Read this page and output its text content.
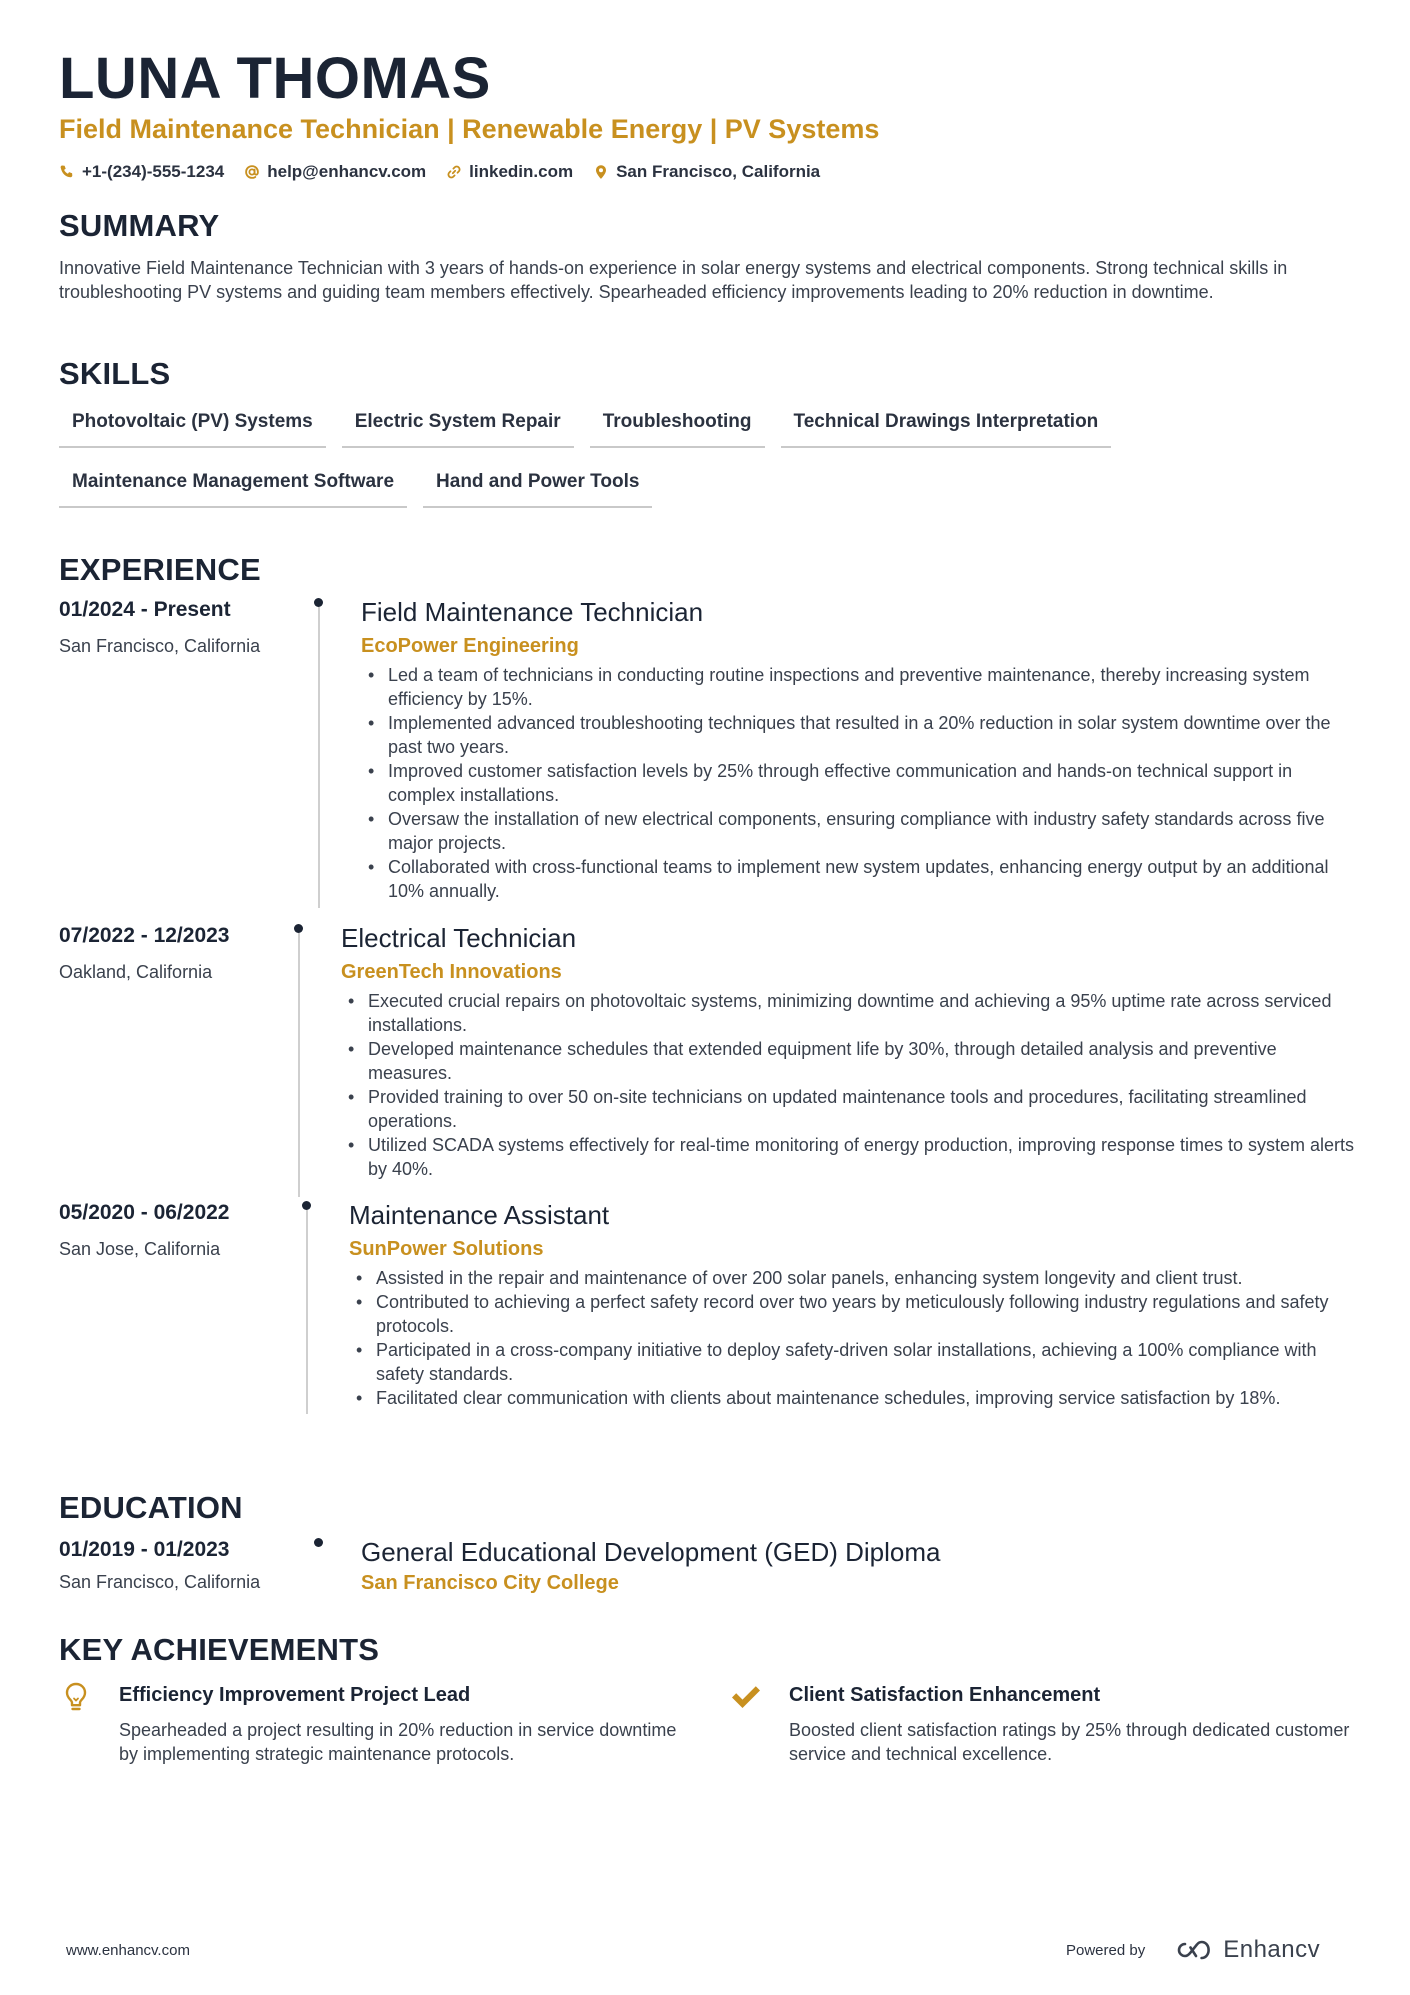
LUNA THOMAS
Field Maintenance Technician | Renewable Energy | PV Systems
+1-(234)-555-1234	help@enhancv.com	linkedin.com	San Francisco, California
SUMMARY
Innovative Field Maintenance Technician with 3 years of hands-on experience in solar energy systems and electrical components. Strong technical skills in troubleshooting PV systems and guiding team members effectively. Spearheaded efficiency improvements leading to 20% reduction in downtime.
SKILLS
Photovoltaic (PV) Systems	Electric System Repair	Troubleshooting	Technical Drawings Interpretation
Maintenance Management Software	Hand and Power Tools
EXPERIENCE
01/2024 - Present
San Francisco, California
Field Maintenance Technician
EcoPower Engineering
• Led a team of technicians in conducting routine inspections and preventive maintenance, thereby increasing system efficiency by 15%.
• Implemented advanced troubleshooting techniques that resulted in a 20% reduction in solar system downtime over the past two years.
• Improved customer satisfaction levels by 25% through effective communication and hands-on technical support in complex installations.
• Oversaw the installation of new electrical components, ensuring compliance with industry safety standards across five major projects.
• Collaborated with cross-functional teams to implement new system updates, enhancing energy output by an additional 10% annually.
07/2022 - 12/2023
Oakland, California
Electrical Technician
GreenTech Innovations
• Executed crucial repairs on photovoltaic systems, minimizing downtime and achieving a 95% uptime rate across serviced installations.
• Developed maintenance schedules that extended equipment life by 30%, through detailed analysis and preventive measures.
• Provided training to over 50 on-site technicians on updated maintenance tools and procedures, facilitating streamlined operations.
• Utilized SCADA systems effectively for real-time monitoring of energy production, improving response times to system alerts by 40%.
05/2020 - 06/2022
San Jose, California
Maintenance Assistant
SunPower Solutions
• Assisted in the repair and maintenance of over 200 solar panels, enhancing system longevity and client trust.
• Contributed to achieving a perfect safety record over two years by meticulously following industry regulations and safety protocols.
• Participated in a cross-company initiative to deploy safety-driven solar installations, achieving a 100% compliance with safety standards.
• Facilitated clear communication with clients about maintenance schedules, improving service satisfaction by 18%.
EDUCATION
01/2019 - 01/2023
San Francisco, California
General Educational Development (GED) Diploma
San Francisco City College
KEY ACHIEVEMENTS
Efficiency Improvement Project Lead
Spearheaded a project resulting in 20% reduction in service downtime by implementing strategic maintenance protocols.
Client Satisfaction Enhancement
Boosted client satisfaction ratings by 25% through dedicated customer service and technical excellence.
www.enhancv.com	Powered by	Enhancv
